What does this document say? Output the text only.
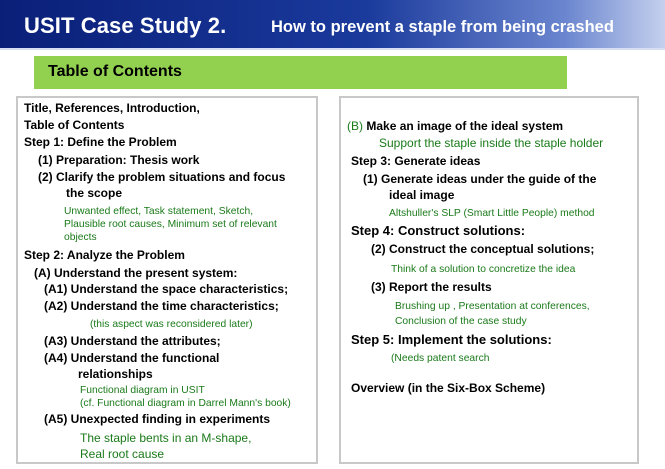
USIT Case Study 2.	How to prevent a staple from being crashed
Table of Contents
Title, References, Introduction,
Table of Contents
Step 1: Define the Problem
(1) Preparation: Thesis work
(2) Clarify the problem situations and focus
the scope
Unwanted effect, Task statement, Sketch,
Plausible root causes, Minimum set of relevant
objects
Step 2: Analyze the Problem
(A) Understand the present system:
(A1) Understand the space characteristics;
(A2) Understand the time characteristics;
(this aspect was reconsidered later)
(A3) Understand the attributes;
(A4) Understand the functional
relationships
Functional diagram in USIT
(cf. Functional diagram in Darrel Mann's book)
(A5) Unexpected finding in experiments
The staple bents in an M-shape,
Real root cause
(B) Make an image of the ideal system
Support the staple inside the staple holder
Step 3: Generate ideas
(1) Generate ideas under the guide of the
ideal image
Altshuller's SLP (Smart Little People) method
Step 4: Construct solutions:
(2) Construct the conceptual solutions;
Think of a solution to concretize the idea
(3) Report the results
Brushing up , Presentation at conferences,
Conclusion of the case study
Step 5: Implement the solutions:
(Needs patent search
Overview (in the Six-Box Scheme)
